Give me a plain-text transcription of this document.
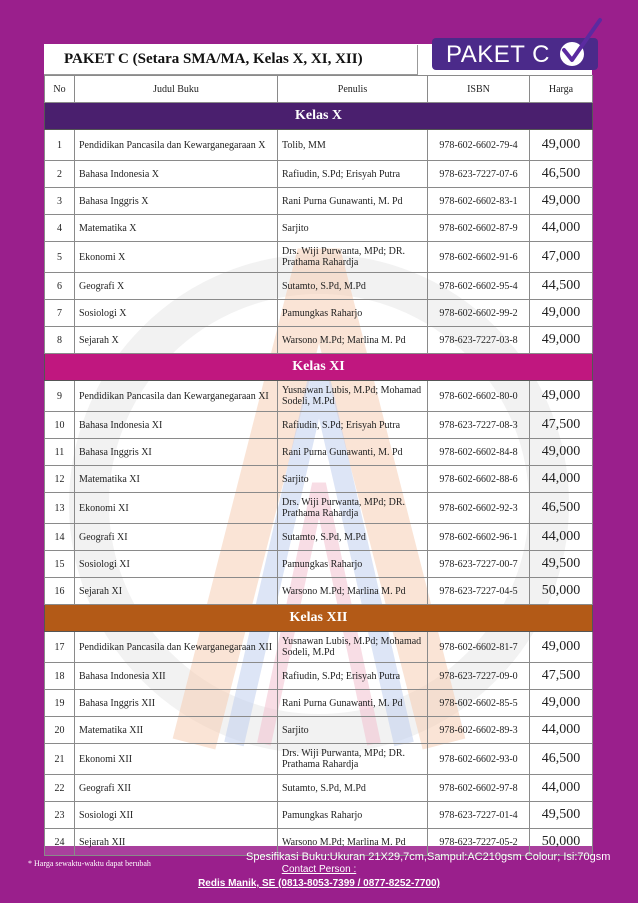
PAKET C (Setara SMA/MA, Kelas X, XI, XII)	PAKET C
No	Judul Buku	Penulis	ISBN	Harga
Kelas X				
1	Pendidikan Pancasila dan Kewarganegaraan X	Tolib, MM	978-602-6602-79-4	49,000
2	Bahasa Indonesia X	Rafiudin, S.Pd; Erisyah Putra	978-623-7227-07-6	46,500
3	Bahasa Inggris X	Rani Purna Gunawanti, M. Pd	978-602-6602-83-1	49,000
4	Matematika X	Sarjito	978-602-6602-87-9	44,000
5	Ekonomi X	Drs. Wiji Purwanta, MPd; DR. Prathama Rahardja	978-602-6602-91-6	47,000
6	Geografi X	Sutamto, S.Pd, M.Pd	978-602-6602-95-4	44,500
7	Sosiologi X	Pamungkas Raharjo	978-602-6602-99-2	49,000
8	Sejarah X	Warsono M.Pd; Marlina M. Pd	978-623-7227-03-8	49,000
Kelas XI				
9	Pendidikan Pancasila dan Kewarganegaraan XI	Yusnawan Lubis, M.Pd; Mohamad Sodeli, M.Pd	978-602-6602-80-0	49,000
10	Bahasa Indonesia XI	Rafiudin, S.Pd; Erisyah Putra	978-623-7227-08-3	47,500
11	Bahasa Inggris XI	Rani Purna Gunawanti, M. Pd	978-602-6602-84-8	49,000
12	Matematika XI	Sarjito	978-602-6602-88-6	44,000
13	Ekonomi XI	Drs. Wiji Purwanta, MPd; DR. Prathama Rahardja	978-602-6602-92-3	46,500
14	Geografi XI	Sutamto, S.Pd, M.Pd	978-602-6602-96-1	44,000
15	Sosiologi XI	Pamungkas Raharjo	978-623-7227-00-7	49,500
16	Sejarah XI	Warsono M.Pd; Marlina M. Pd	978-623-7227-04-5	50,000
Kelas XII				
17	Pendidikan Pancasila dan Kewarganegaraan XII	Yusnawan Lubis, M.Pd; Mohamad Sodeli, M.Pd	978-602-6602-81-7	49,000
18	Bahasa Indonesia XII	Rafiudin, S.Pd; Erisyah Putra	978-623-7227-09-0	47,500
19	Bahasa Inggris XII	Rani Purna Gunawanti, M. Pd	978-602-6602-85-5	49,000
20	Matematika XII	Sarjito	978-602-6602-89-3	44,000
21	Ekonomi XII	Drs. Wiji Purwanta, MPd; DR. Prathama Rahardja	978-602-6602-93-0	46,500
22	Geografi XII	Sutamto, S.Pd, M.Pd	978-602-6602-97-8	44,000
23	Sosiologi XII	Pamungkas Raharjo	978-623-7227-01-4	49,500
24	Sejarah XII	Warsono M.Pd; Marlina M. Pd	978-623-7227-05-2	50,000
* Harga sewaktu-waktu dapat berubah
Spesifikasi Buku:Ukuran 21X29,7cm,Sampul:AC210gsm Colour; Isi:70gsm
Contact Person :
Redis Manik, SE (0813-8053-7399 / 0877-8252-7700)
